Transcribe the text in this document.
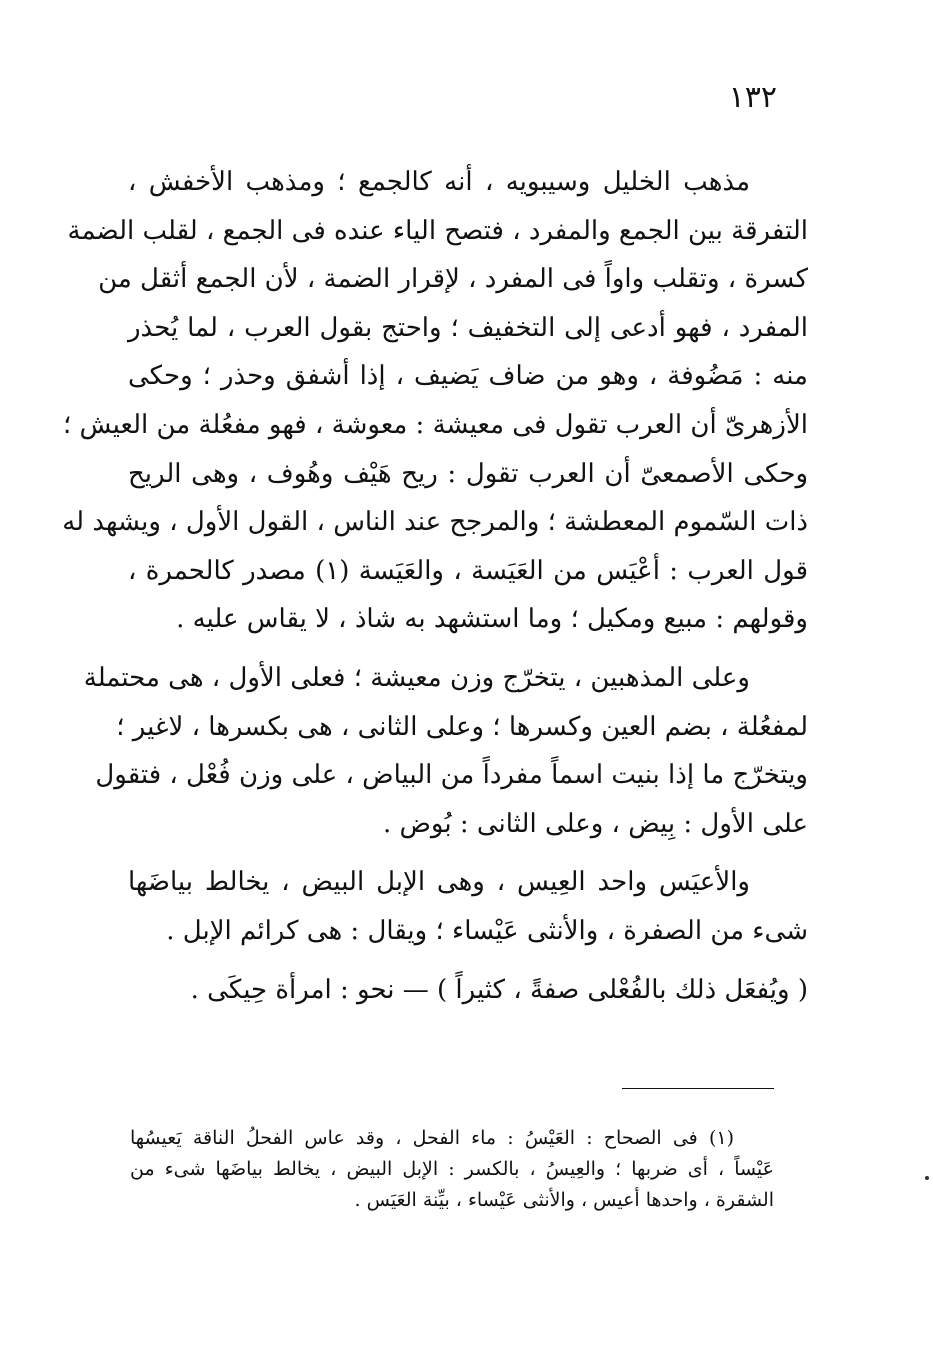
١٣٢
مذهب الخليل وسيبويه ، أنه كالجمع ؛ ومذهب الأخفش ،
التفرقة بين الجمع والمفرد ، فتصح الياء عنده فى الجمع ، لقلب الضمة
كسرة ، وتقلب واواً فى المفرد ، لإقرار الضمة ، لأن الجمع أثقل من
المفرد ، فهو أدعى إلى التخفيف ؛ واحتج بقول العرب ، لما يُحذر
منه : مَضُوفة ، وهو من ضاف يَضيف ، إذا أشفق وحذر ؛ وحكى
الأزهرىّ أن العرب تقول فى معيشة : معوشة ، فهو مفعُلة من العيش ؛
وحكى الأصمعىّ أن العرب تقول : ريح هَيْف وهُوف ، وهى الريح
ذات السّموم المعطشة ؛ والمرجح عند الناس ، القول الأول ، ويشهد له
قول العرب : أعْيَس من العَيَسة ، والعَيَسة (١) مصدر كالحمرة ،
وقولهم : مبيع ومكيل ؛ وما استشهد به شاذ ، لا يقاس عليه .
وعلى المذهبين ، يتخرّج وزن معيشة ؛ فعلى الأول ، هى محتملة
لمفعُلة ، بضم العين وكسرها ؛ وعلى الثانى ، هى بكسرها ، لاغير ؛
ويتخرّج ما إذا بنيت اسماً مفرداً من البياض ، على وزن فُعْل ، فتقول
على الأول : بِيض ، وعلى الثانى : بُوض .
والأعيَس واحد العِيس ، وهى الإبل البيض ، يخالط بياضَها
شىء من الصفرة ، والأنثى عَيْساء ؛ ويقال : هى كرائم الإبل .
( ويُفعَل ذلك بالفُعْلى صفةً ، كثيراً ) — نحو : امرأة حِيكَى .
(١) فى الصحاح : العَيْسُ : ماء الفحل ، وقد عاس الفحلُ الناقة يَعيسُها
عَيْساً ، أى ضربها ؛ والعِيسُ ، بالكسر : الإبل البيض ، يخالط بياضَها شىء من
الشقرة ، واحدها أعيس ، والأنثى عَيْساء ، بيِّنة العَيَس .
